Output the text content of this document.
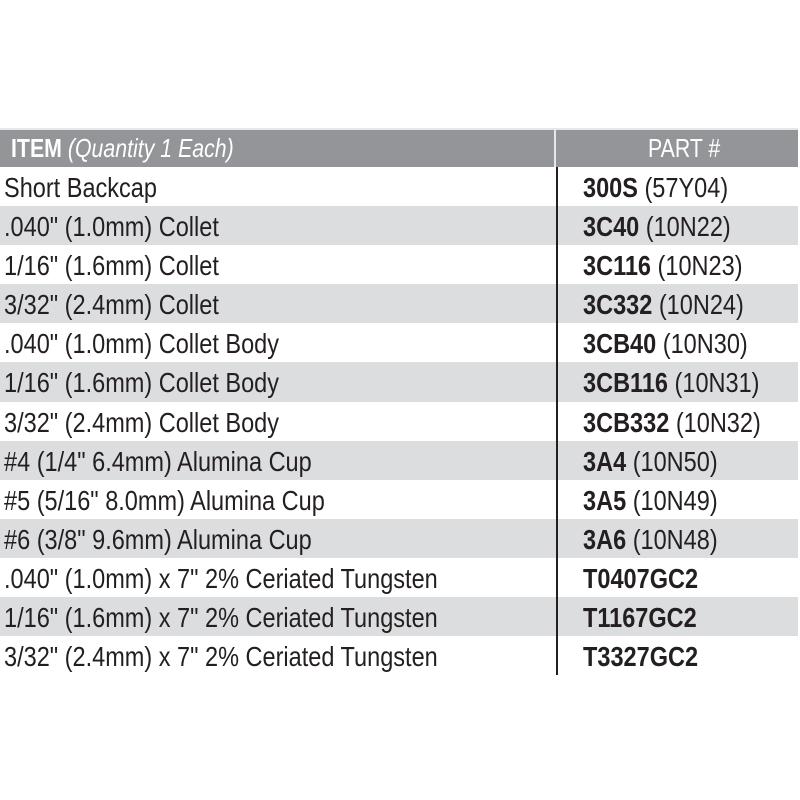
ITEM (Quantity 1 Each)	PART #
Short Backcap	300S (57Y04)
.040" (1.0mm) Collet	3C40 (10N22)
1/16" (1.6mm) Collet	3C116 (10N23)
3/32" (2.4mm) Collet	3C332 (10N24)
.040" (1.0mm) Collet Body	3CB40 (10N30)
1/16" (1.6mm) Collet Body	3CB116 (10N31)
3/32" (2.4mm) Collet Body	3CB332 (10N32)
#4 (1/4" 6.4mm) Alumina Cup	3A4 (10N50)
#5 (5/16" 8.0mm) Alumina Cup	3A5 (10N49)
#6 (3/8" 9.6mm) Alumina Cup	3A6 (10N48)
.040" (1.0mm) x 7" 2% Ceriated Tungsten	T0407GC2
1/16" (1.6mm) x 7" 2% Ceriated Tungsten	T1167GC2
3/32" (2.4mm) x 7" 2% Ceriated Tungsten	T3327GC2
